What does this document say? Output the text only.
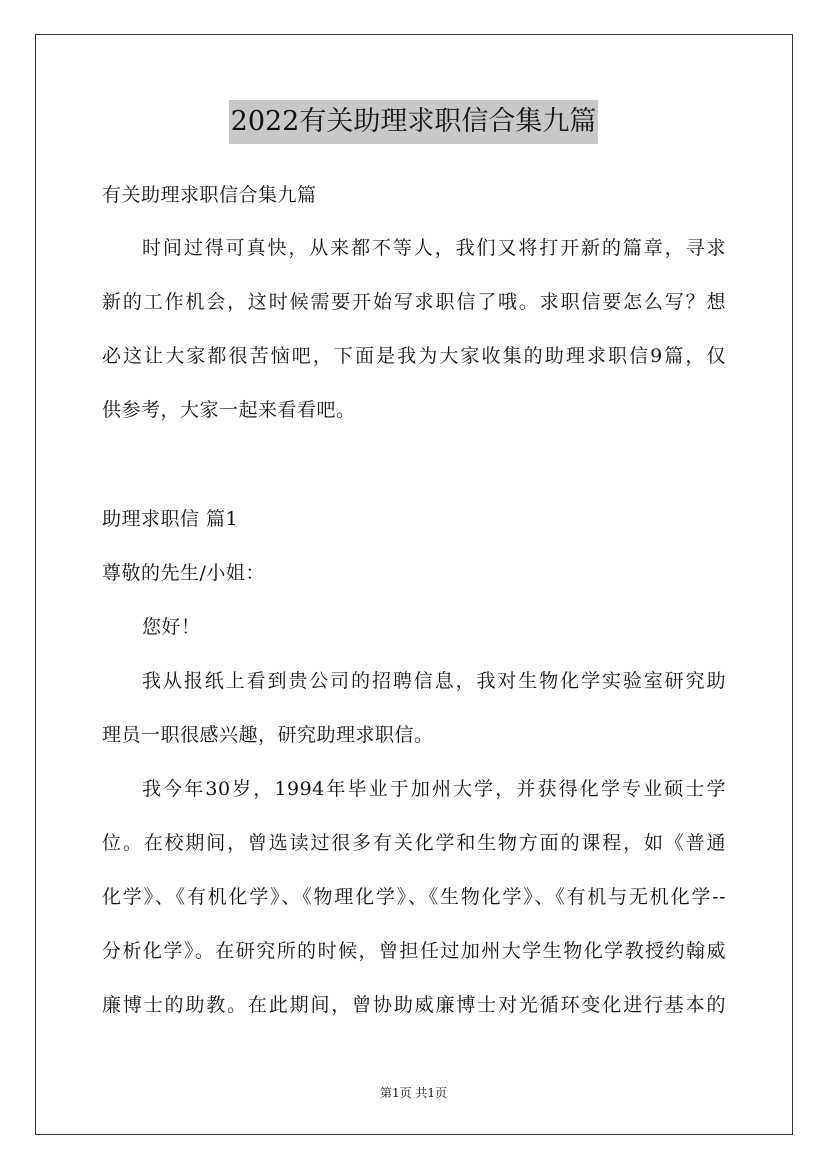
2022有关助理求职信合集九篇
有关助理求职信合集九篇
时间过得可真快，从来都不等人，我们又将打开新的篇章，寻求
新的工作机会，这时候需要开始写求职信了哦。求职信要怎么写？想
必这让大家都很苦恼吧，下面是我为大家收集的助理求职信9篇，仅
供参考，大家一起来看看吧。
助理求职信 篇1
尊敬的先生/小姐：
您好！
我从报纸上看到贵公司的招聘信息，我对生物化学实验室研究助
理员一职很感兴趣，研究助理求职信。
我今年30岁，1994年毕业于加州大学，并获得化学专业硕士学
位。在校期间，曾选读过很多有关化学和生物方面的课程，如《普通
化学》、《有机化学》、《物理化学》、《生物化学》、《有机与无机化学--
分析化学》。在研究所的时候，曾担任过加州大学生物化学教授约翰威
廉博士的助教。在此期间，曾协助威廉博士对光循环变化进行基本的
第1页 共1页
